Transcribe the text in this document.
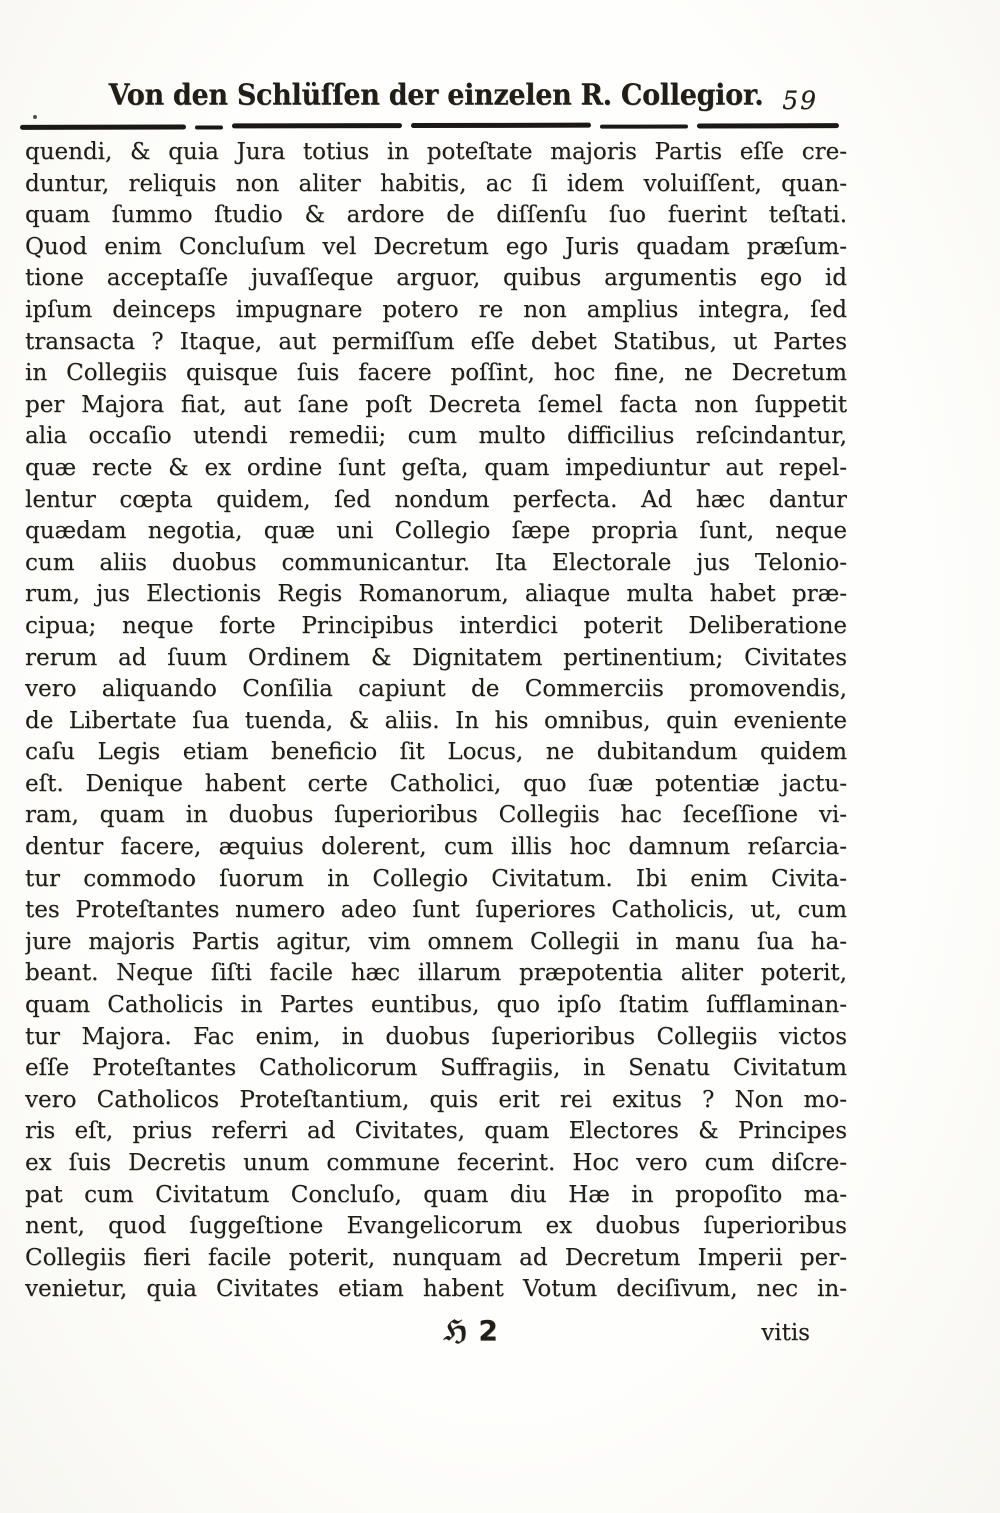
Von den Schlüſſen der einzelen R. Collegior. 59
quendi, & quia Jura totius in poteſtate majoris Partis eſſe cre-
duntur, reliquis non aliter habitis, ac ſi idem voluiſſent, quan-
quam ſummo ſtudio & ardore de diſſenſu ſuo fuerint teſtati.
Quod enim Concluſum vel Decretum ego Juris quadam præſum-
tione acceptaſſe juvaſſeque arguor, quibus argumentis ego id
ipſum deinceps impugnare potero re non amplius integra, ſed
transacta ? Itaque, aut permiſſum eſſe debet Statibus, ut Partes
in Collegiis quisque ſuis facere poſſint, hoc fine, ne Decretum
per Majora fiat, aut ſane poſt Decreta ſemel facta non ſuppetit
alia occaſio utendi remedii; cum multo difficilius reſcindantur,
quæ recte & ex ordine ſunt geſta, quam impediuntur aut repel-
lentur cœpta quidem, ſed nondum perfecta. Ad hæc dantur
quædam negotia, quæ uni Collegio ſæpe propria ſunt, neque
cum aliis duobus communicantur. Ita Electorale jus Telonio-
rum, jus Electionis Regis Romanorum, aliaque multa habet præ-
cipua; neque forte Principibus interdici poterit Deliberatione
rerum ad ſuum Ordinem & Dignitatem pertinentium; Civitates
vero aliquando Conſilia capiunt de Commerciis promovendis,
de Libertate ſua tuenda, & aliis. In his omnibus, quin eveniente
caſu Legis etiam beneficio ſit Locus, ne dubitandum quidem
eſt. Denique habent certe Catholici, quo ſuæ potentiæ jactu-
ram, quam in duobus ſuperioribus Collegiis hac ſeceſſione vi-
dentur facere, æquius dolerent, cum illis hoc damnum reſarcia-
tur commodo ſuorum in Collegio Civitatum. Ibi enim Civita-
tes Proteſtantes numero adeo ſunt ſuperiores Catholicis, ut, cum
jure majoris Partis agitur, vim omnem Collegii in manu ſua ha-
beant. Neque ſiſti facile hæc illarum præpotentia aliter poterit,
quam Catholicis in Partes euntibus, quo ipſo ſtatim ſufflaminan-
tur Majora. Fac enim, in duobus ſuperioribus Collegiis victos
eſſe Proteſtantes Catholicorum Suffragiis, in Senatu Civitatum
vero Catholicos Proteſtantium, quis erit rei exitus ? Non mo-
ris eſt, prius referri ad Civitates, quam Electores & Principes
ex ſuis Decretis unum commune fecerint. Hoc vero cum diſcre-
pat cum Civitatum Concluſo, quam diu Hæ in propoſito ma-
nent, quod ſuggeſtione Evangelicorum ex duobus ſuperioribus
Collegiis fieri facile poterit, nunquam ad Decretum Imperii per-
venietur, quia Civitates etiam habent Votum deciſivum, nec in-
ℌ 2	vitis
